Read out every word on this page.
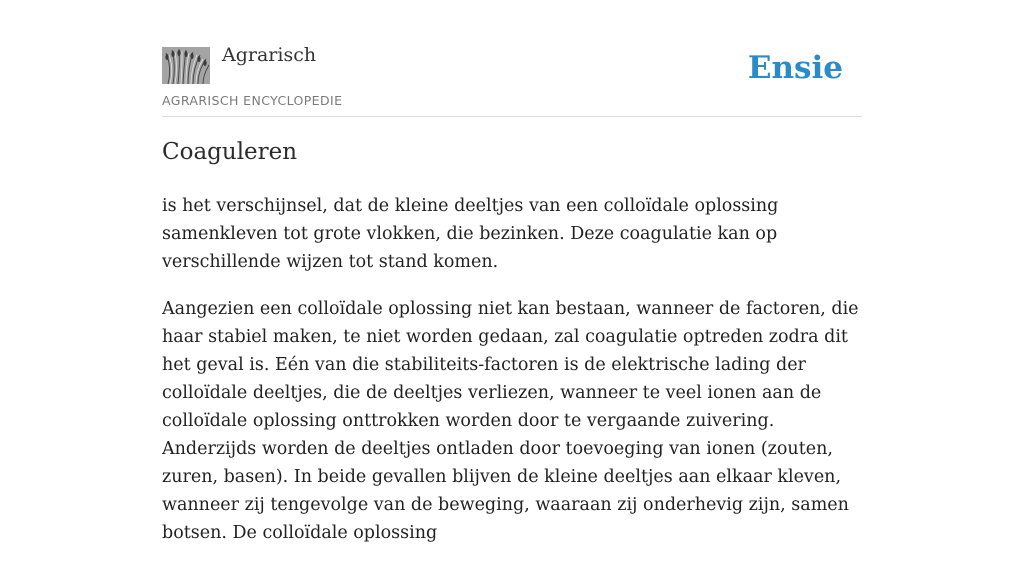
Agrarisch
AGRARISCH ENCYCLOPEDIE
Ensie
Coaguleren

is het verschijnsel, dat de kleine deeltjes van een colloïdale oplossing samenkleven tot grote vlokken, die bezinken. Deze coagulatie kan op verschillende wijzen tot stand komen.

Aangezien een colloïdale oplossing niet kan bestaan, wanneer de factoren, die haar stabiel maken, te niet worden gedaan, zal coagulatie optreden zodra dit het geval is. Eén van die stabiliteits-factoren is de elektrische lading der colloïdale deeltjes, die de deeltjes verliezen, wanneer te veel ionen aan de colloïdale oplossing onttrokken worden door te vergaande zuivering. Anderzijds worden de deeltjes ontladen door toevoeging van ionen (zouten, zuren, basen). In beide gevallen blijven de kleine deeltjes aan elkaar kleven, wanneer zij tengevolge van de beweging, waaraan zij onderhevig zijn, samen botsen. De colloïdale oplossing
